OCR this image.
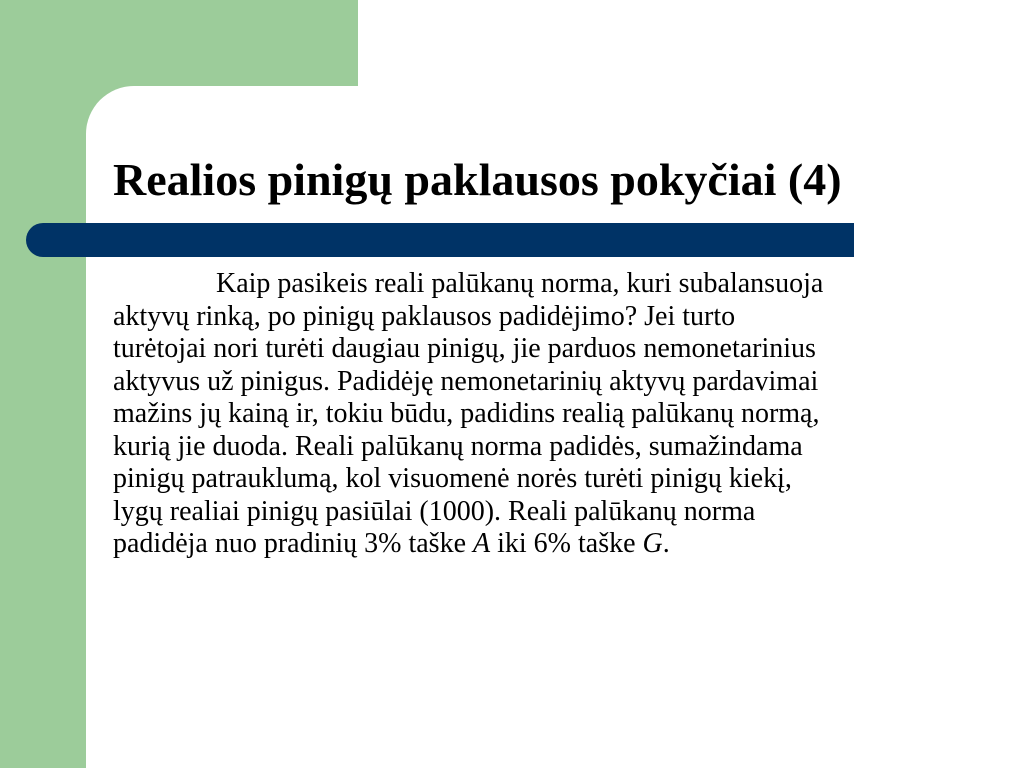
Realios pinigų paklausos pokyčiai (4)
Kaip pasikeis reali palūkanų norma, kuri subalansuoja
aktyvų rinką, po pinigų paklausos padidėjimo? Jei turto
turėtojai nori turėti daugiau pinigų, jie parduos nemonetarinius
aktyvus už pinigus. Padidėję nemonetarinių aktyvų pardavimai
mažins jų kainą ir, tokiu būdu, padidins realią palūkanų normą,
kurią jie duoda. Reali palūkanų norma padidės, sumažindama
pinigų patrauklumą, kol visuomenė norės turėti pinigų kiekį,
lygų realiai pinigų pasiūlai (1000). Reali palūkanų norma
padidėja nuo pradinių 3% taške A iki 6% taške G.
